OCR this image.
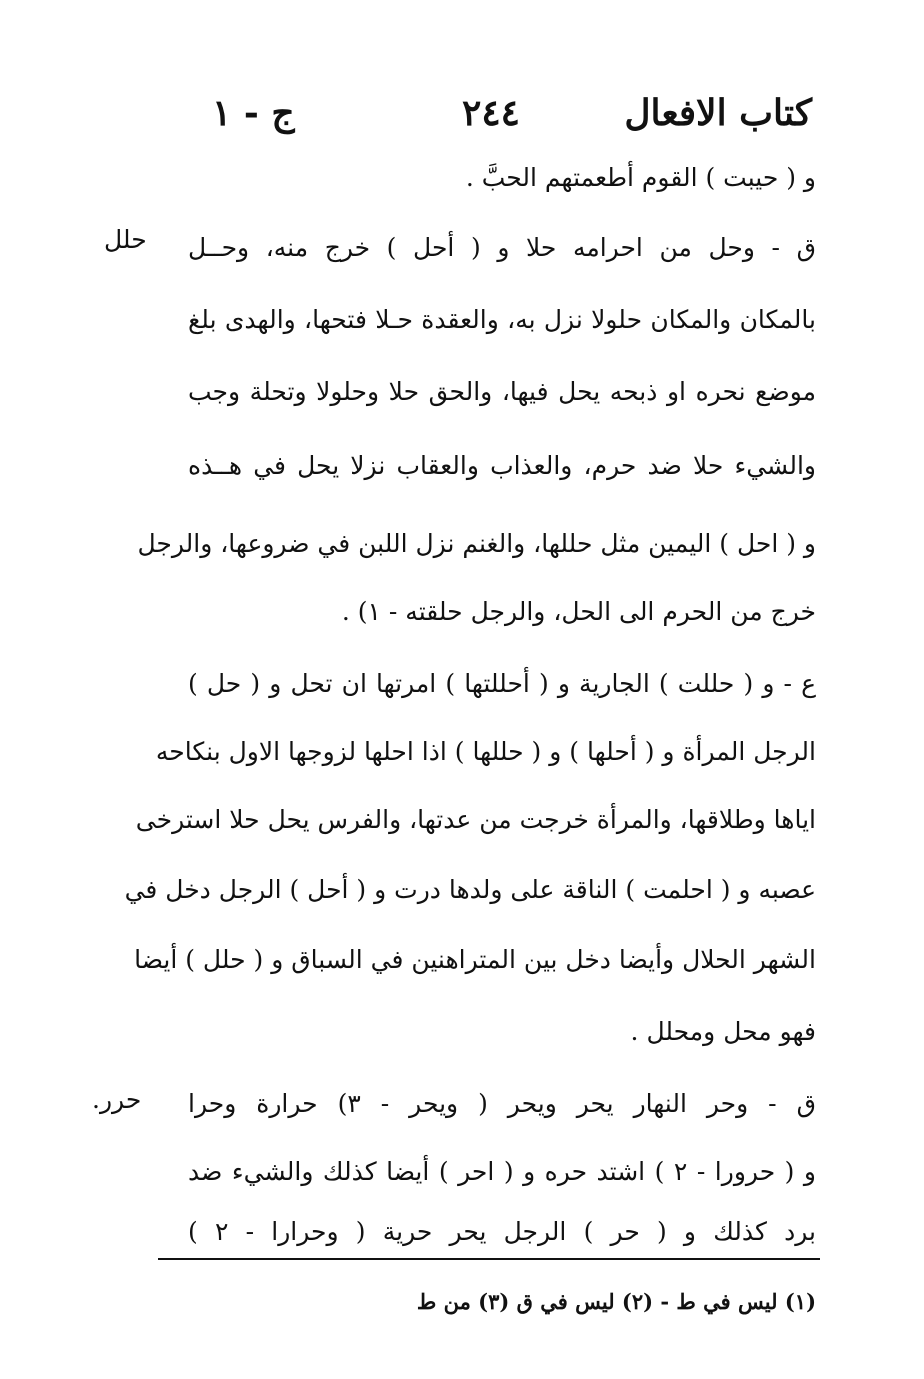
كتاب الافعال
٢٤٤
ج - ١
حلل
حرر.
و ( حيبت ) القوم أطعمتهم الحبَّ .
ق - وحل من احرامه حلا و ( أحل ) خرج منه، وحــل
بالمكان والمكان حلولا نزل به، والعقدة حـلا فتحها، والهدى بلغ
موضع نحره او ذبحه يحل فيها، والحق حلا وحلولا وتحلة وجب
والشيء حلا ضد حرم، والعذاب والعقاب نزلا يحل في هــذه
و ( احل ) اليمين مثل حللها، والغنم نزل اللبن في ضروعها، والرجل
خرج من الحرم الى الحل، والرجل حلقته - ١) .
ع - و ( حللت ) الجارية و ( أحللتها ) امرتها ان تحل و ( حل )
الرجل المرأة و ( أحلها ) و ( حللها ) اذا احلها لزوجها الاول بنكاحه
اياها وطلاقها، والمرأة خرجت من عدتها، والفرس يحل حلا استرخى
عصبه و ( احلمت ) الناقة على ولدها درت و ( أحل ) الرجل دخل في
الشهر الحلال وأيضا دخل بين المتراهنين في السباق و ( حلل ) أيضا
فهو محل ومحلل .
ق - وحر النهار يحر ويحر ( ويحر - ٣) حرارة وحرا
و ( حرورا - ٢ ) اشتد حره و ( احر ) أيضا كذلك والشيء ضد
برد كذلك و ( حر ) الرجل يحر حرية ( وحرارا - ٢ )
(١) ليس في ط - (٢) ليس في ق (٣) من ط
